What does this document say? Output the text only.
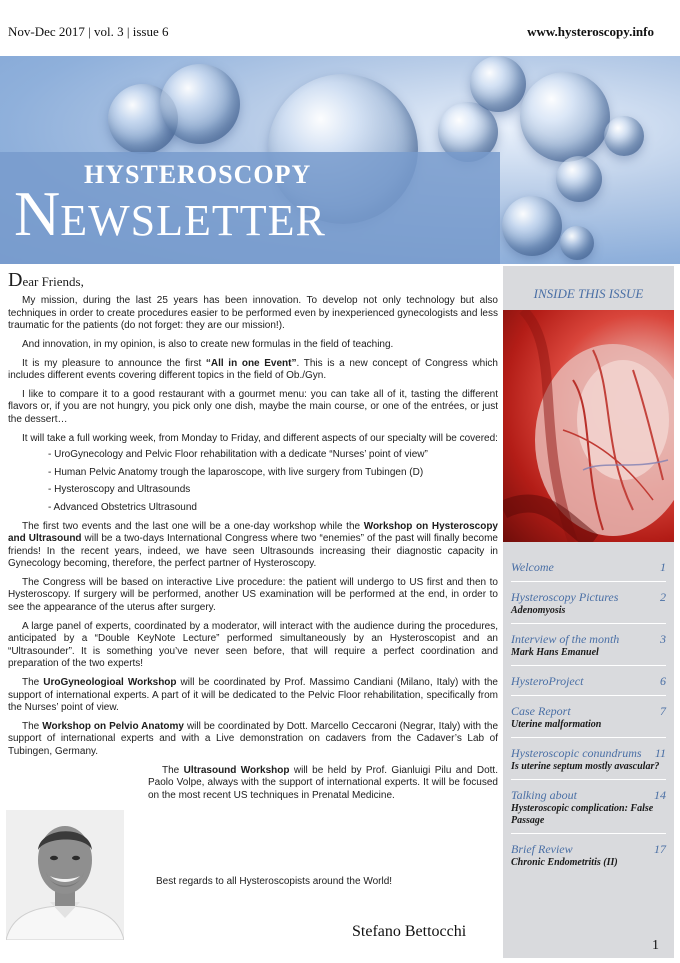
Nov-Dec 2017 | vol. 3 | issue 6	www.hysteroscopy.info
HYSTEROSCOPY
NEWSLETTER

Dear Friends,

My mission, during the last 25 years has been innovation. To develop not only technology but also techniques in order to create procedures easier to be performed even by inexperienced gynecologists and less traumatic for the patients (do not forget: they are our mission!).

And innovation, in my opinion, is also to create new formulas in the field of teaching.

It is my pleasure to announce the first “All in one Event”. This is a new concept of Congress which includes different events covering different topics in the field of Ob./Gyn.

I like to compare it to a good restaurant with a gourmet menu: you can take all of it, tasting the different flavors or, if you are not hungry, you pick only one dish, maybe the main course, or one of the entrées, or just the dessert…

It will take a full working week, from Monday to Friday, and different aspects of our specialty will be covered:

- UroGynecology and Pelvic Floor rehabilitation with a dedicate “Nurses’ point of view”
- Human Pelvic Anatomy trough the laparoscope, with live surgery from Tubingen (D)
- Hysteroscopy and Ultrasounds
- Advanced Obstetrics Ultrasound

The first two events and the last one will be a one-day workshop while the Workshop on Hysteroscopy and Ultrasound will be a two-days International Congress where two “enemies” of the past will finally become friends! In the recent years, indeed, we have seen Ultrasounds increasing their diagnostic capacity in Gynecology becoming, therefore, the perfect partner of Hysteroscopy.

The Congress will be based on interactive Live procedure: the patient will undergo to US first and then to Hysteroscopy. If surgery will be performed, another US examination will be performed at the end, in order to see the appearance of the uterus after surgery.

A large panel of experts, coordinated by a moderator, will interact with the audience during the procedures, anticipated by a “Double KeyNote Lecture” performed simultaneously by an Hysteroscopist and an “Ultrasounder”. It is something you’ve never seen before, that will require a perfect coordination and preparation of the two experts!

The UroGyneologioal Workshop will be coordinated by Prof. Massimo Candiani (Milano, Italy) with the support of international experts. A part of it will be dedicated to the Pelvic Floor rehabilitation, specifically from the Nurses’ point of view.

The Workshop on Pelvio Anatomy will be coordinated by Dott. Marcello Ceccaroni (Negrar, Italy) with the support of international experts and with a Live demonstration on cadavers from the Cadaver’s Lab of Tubingen, Germany.

The Ultrasound Workshop will be held by Prof. Gianluigi Pilu and Dott. Paolo Volpe, always with the support of international experts. It will be focused on the most recent US techniques in Prenatal Medicine.

Best regards to all Hysteroscopists around the World!
Stefano Bettocchi
INSIDE THIS ISSUE
Welcome	1
Hysteroscopy Pictures	2
Adenomyosis
Interview of the month	3
Mark Hans Emanuel
HysteroProject	6
Case Report	7
Uterine malformation
Hysteroscopic conundrums 11
Is uterine septum mostly avascular?
Talking about	14
Hysteroscopic complication: False Passage
Brief Review	17
Chronic Endometritis (II)
1
